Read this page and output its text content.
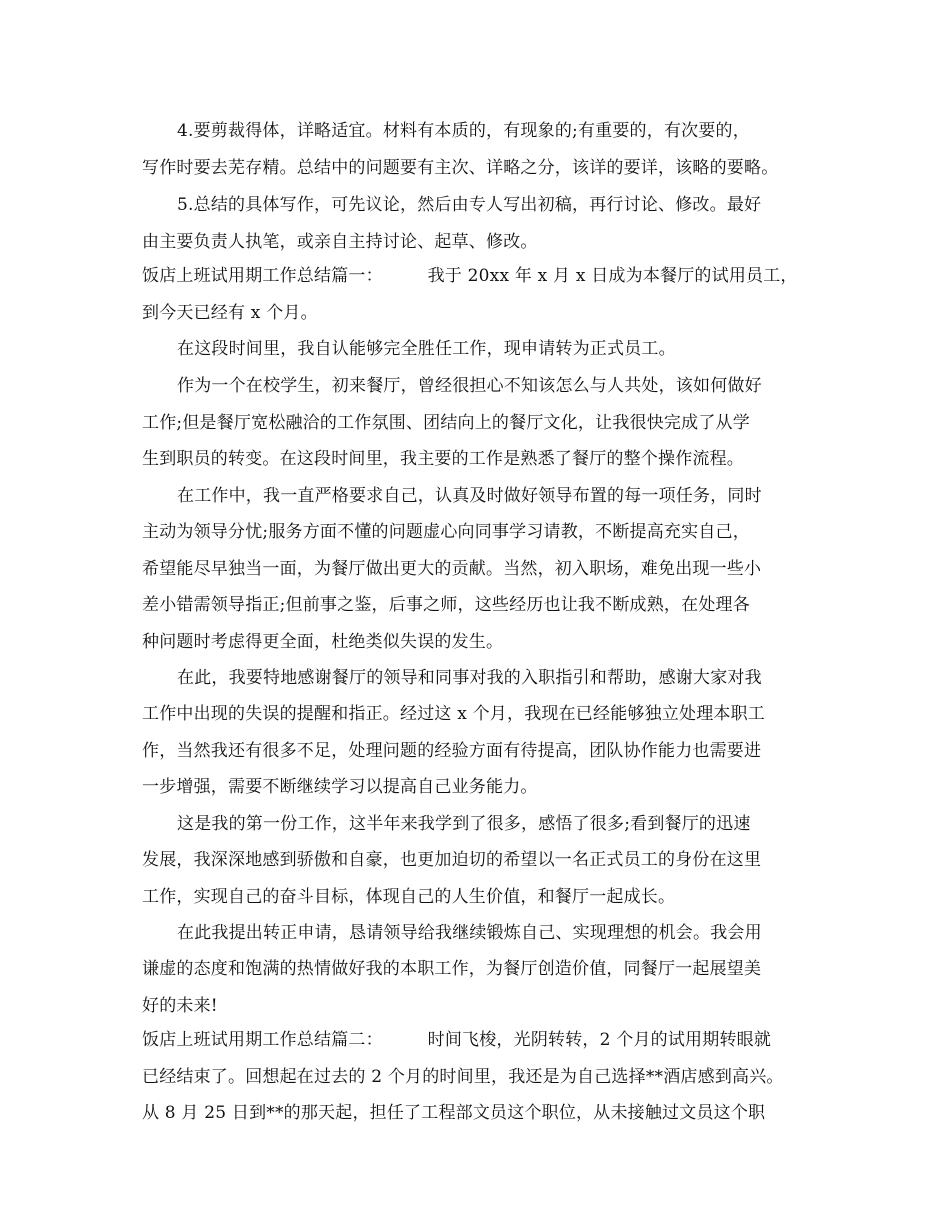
4.要剪裁得体，详略适宜。材料有本质的，有现象的;有重要的，有次要的，
写作时要去芜存精。总结中的问题要有主次、详略之分，该详的要详，该略的要略。
5.总结的具体写作，可先议论，然后由专人写出初稿，再行讨论、修改。最好
由主要负责人执笔，或亲自主持讨论、起草、修改。
饭店上班试用期工作总结篇一：        我于 20xx 年 x 月 x 日成为本餐厅的试用员工，
到今天已经有 x 个月。
在这段时间里，我自认能够完全胜任工作，现申请转为正式员工。
作为一个在校学生，初来餐厅，曾经很担心不知该怎么与人共处，该如何做好
工作;但是餐厅宽松融洽的工作氛围、团结向上的餐厅文化，让我很快完成了从学
生到职员的转变。在这段时间里，我主要的工作是熟悉了餐厅的整个操作流程。
在工作中，我一直严格要求自己，认真及时做好领导布置的每一项任务，同时
主动为领导分忧;服务方面不懂的问题虚心向同事学习请教，不断提高充实自己，
希望能尽早独当一面，为餐厅做出更大的贡献。当然，初入职场，难免出现一些小
差小错需领导指正;但前事之鉴，后事之师，这些经历也让我不断成熟，在处理各
种问题时考虑得更全面，杜绝类似失误的发生。
在此，我要特地感谢餐厅的领导和同事对我的入职指引和帮助，感谢大家对我
工作中出现的失误的提醒和指正。经过这 x 个月，我现在已经能够独立处理本职工
作，当然我还有很多不足，处理问题的经验方面有待提高，团队协作能力也需要进
一步增强，需要不断继续学习以提高自己业务能力。
这是我的第一份工作，这半年来我学到了很多，感悟了很多;看到餐厅的迅速
发展，我深深地感到骄傲和自豪，也更加迫切的希望以一名正式员工的身份在这里
工作，实现自己的奋斗目标，体现自己的人生价值，和餐厅一起成长。
在此我提出转正申请，恳请领导给我继续锻炼自己、实现理想的机会。我会用
谦虚的态度和饱满的热情做好我的本职工作，为餐厅创造价值，同餐厅一起展望美
好的未来!
饭店上班试用期工作总结篇二：        时间飞梭，光阴转转，2 个月的试用期转眼就
已经结束了。回想起在过去的 2 个月的时间里，我还是为自己选择**酒店感到高兴。
从 8 月 25 日到**的那天起，担任了工程部文员这个职位，从未接触过文员这个职
